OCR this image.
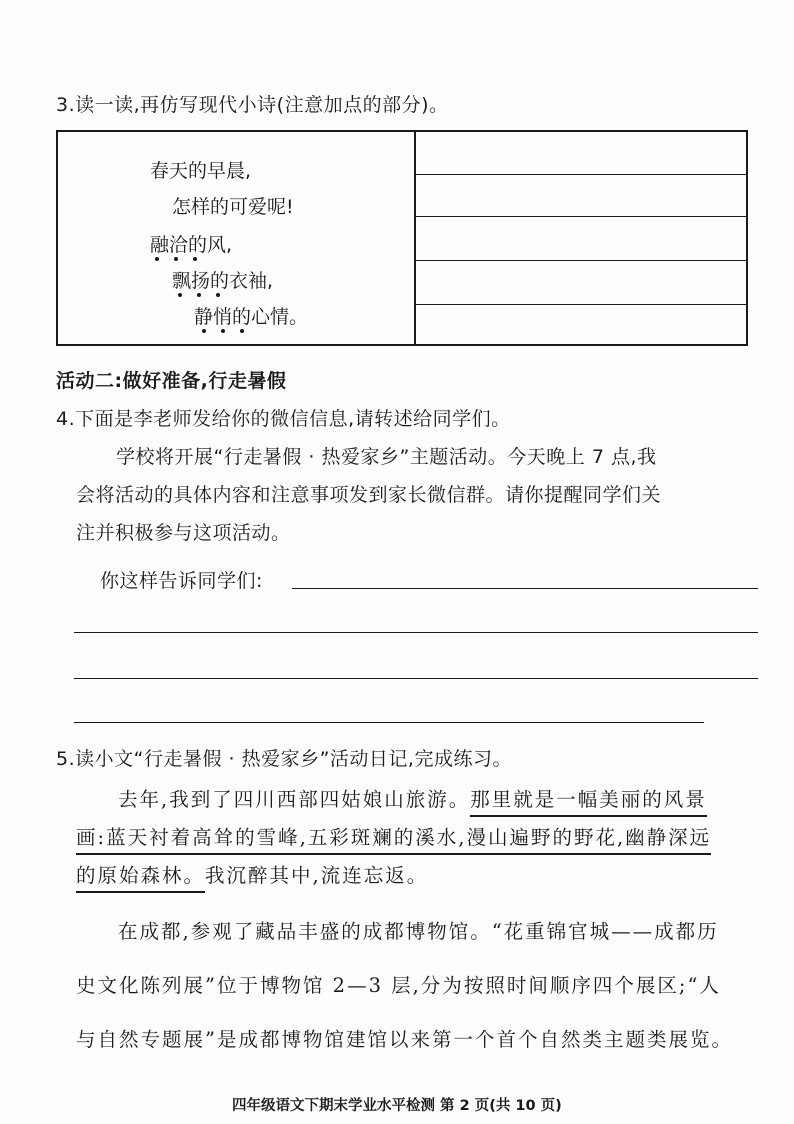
3.读一读,再仿写现代小诗(注意加点的部分)。
春天的早晨,
怎样的可爱呢!
融洽的风,
飘扬的衣袖,
静悄的心情。
活动二:做好准备,行走暑假
4.下面是李老师发给你的微信信息,请转述给同学们。
学校将开展“行走暑假 · 热爱家乡”主题活动。今天晚上 7 点,我
会将活动的具体内容和注意事项发到家长微信群。请你提醒同学们关
注并积极参与这项活动。
你这样告诉同学们:
5.读小文“行走暑假 · 热爱家乡”活动日记,完成练习。
去年,我到了四川西部四姑娘山旅游。那里就是一幅美丽的风景
画:蓝天衬着高耸的雪峰,五彩斑斓的溪水,漫山遍野的野花,幽静深远
的原始森林。我沉醉其中,流连忘返。
在成都,参观了藏品丰盛的成都博物馆。“花重锦官城——成都历
史文化陈列展”位于博物馆 2—3 层,分为按照时间顺序四个展区;“人
与自然专题展”是成都博物馆建馆以来第一个首个自然类主题类展览。
四年级语文下期末学业水平检测 第 2 页(共 10 页)
